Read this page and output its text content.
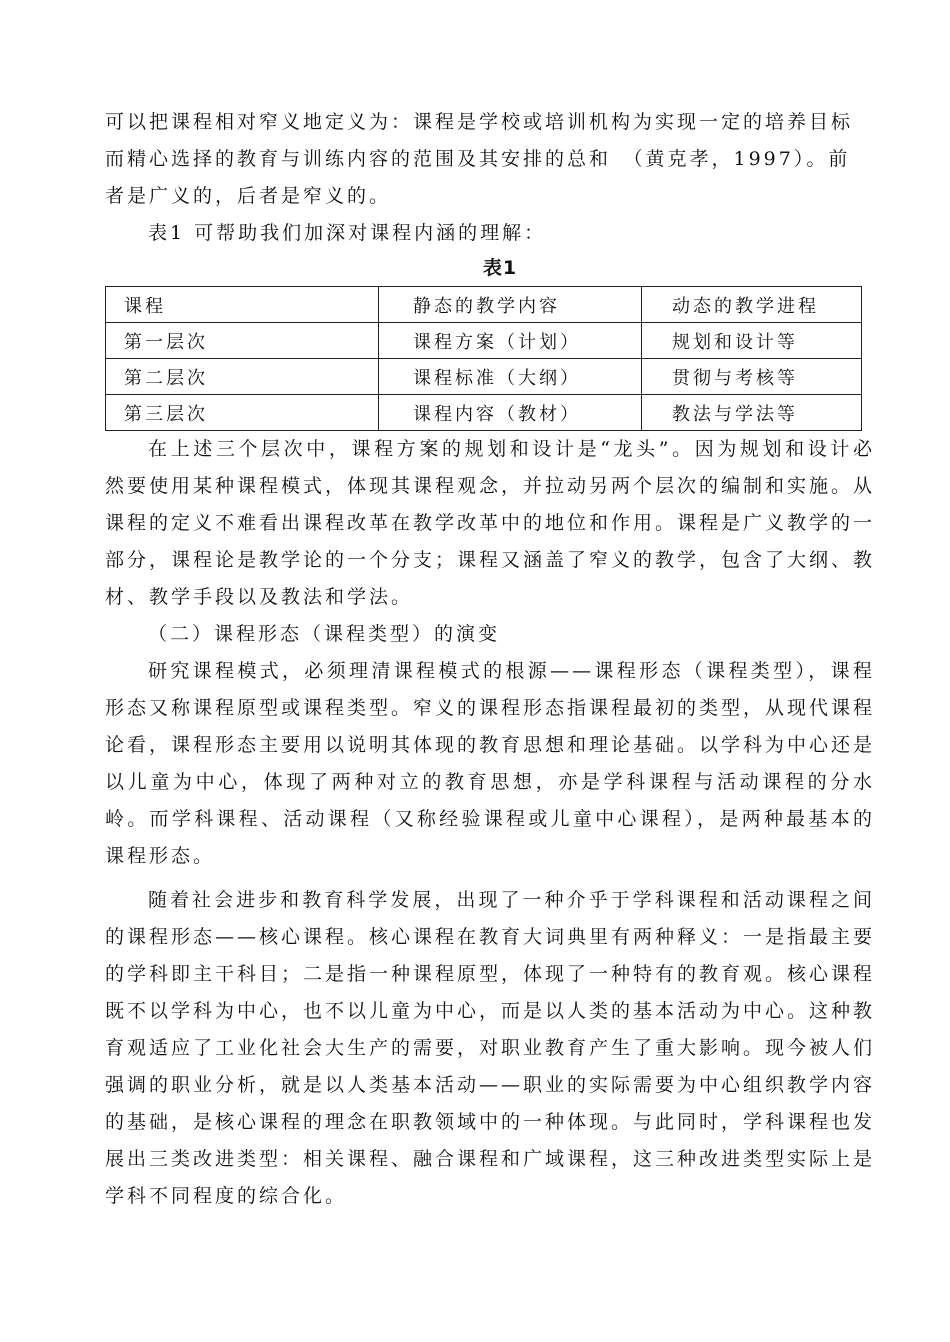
可以把课程相对窄义地定义为：课程是学校或培训机构为实现一定的培养目标
而精心选择的教育与训练内容的范围及其安排的总和　（黄克孝，1997）。前
者是广义的，后者是窄义的。

表1 可帮助我们加深对课程内涵的理解：

表1

课程	静态的教学内容	动态的教学进程
第一层次	课程方案（计划）	规划和设计等
第二层次	课程标准（大纲）	贯彻与考核等
第三层次	课程内容（教材）	教法与学法等

在上述三个层次中，课程方案的规划和设计是“龙头”。因为规划和设计必然要使用某种课程模式，体现其课程观念，并拉动另两个层次的编制和实施。从课程的定义不难看出课程改革在教学改革中的地位和作用。课程是广义教学的一部分，课程论是教学论的一个分支；课程又涵盖了窄义的教学，包含了大纲、教材、教学手段以及教法和学法。

（二）课程形态（课程类型）的演变

研究课程模式，必须理清课程模式的根源——课程形态（课程类型），课程形态又称课程原型或课程类型。窄义的课程形态指课程最初的类型，从现代课程论看，课程形态主要用以说明其体现的教育思想和理论基础。以学科为中心还是以儿童为中心，体现了两种对立的教育思想，亦是学科课程与活动课程的分水岭。而学科课程、活动课程（又称经验课程或儿童中心课程），是两种最基本的课程形态。

随着社会进步和教育科学发展，出现了一种介乎于学科课程和活动课程之间的课程形态——核心课程。核心课程在教育大词典里有两种释义：一是指最主要的学科即主干科目；二是指一种课程原型，体现了一种特有的教育观。核心课程既不以学科为中心，也不以儿童为中心，而是以人类的基本活动为中心。这种教育观适应了工业化社会大生产的需要，对职业教育产生了重大影响。现今被人们强调的职业分析，就是以人类基本活动——职业的实际需要为中心组织教学内容的基础，是核心课程的理念在职教领域中的一种体现。与此同时，学科课程也发展出三类改进类型：相关课程、融合课程和广域课程，这三种改进类型实际上是学科不同程度的综合化。
